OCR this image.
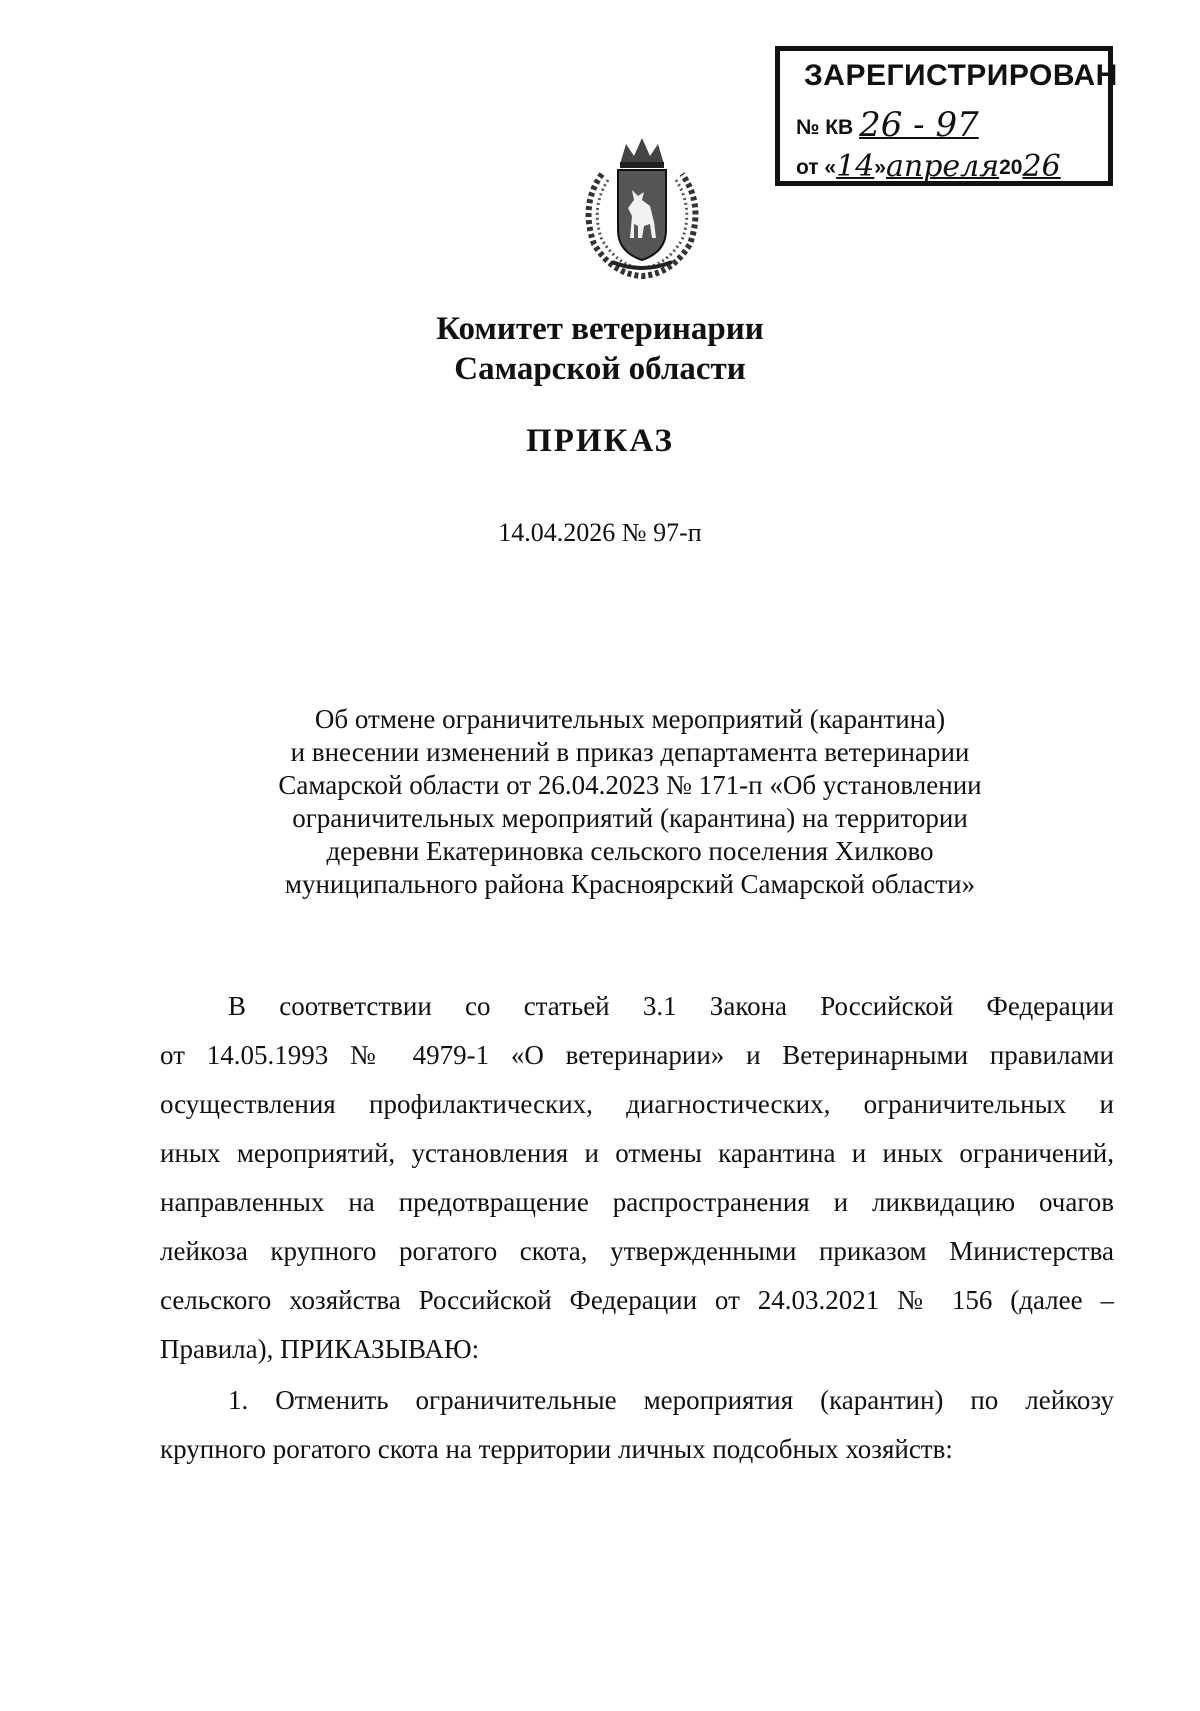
ЗАРЕГИСТРИРОВАН
№ КВ 26 - 97
от «14»апреля2026
Комитет ветеринарии
Самарской области
ПРИКАЗ
14.04.2026 № 97-п
Об отмене ограничительных мероприятий (карантина)
и внесении изменений в приказ департамента ветеринарии
Самарской области от 26.04.2023 № 171-п «Об установлении
ограничительных мероприятий (карантина) на территории
деревни Екатериновка сельского поселения Хилково
муниципального района Красноярский Самарской области»
В соответствии со статьей 3.1 Закона Российской Федерации
от 14.05.1993 № 4979-1 «О ветеринарии» и Ветеринарными правилами
осуществления профилактических, диагностических, ограничительных и
иных мероприятий, установления и отмены карантина и иных ограничений,
направленных на предотвращение распространения и ликвидацию очагов
лейкоза крупного рогатого скота, утвержденными приказом Министерства
сельского хозяйства Российской Федерации от 24.03.2021 № 156 (далее –
Правила), ПРИКАЗЫВАЮ:
1. Отменить ограничительные мероприятия (карантин) по лейкозу
крупного рогатого скота на территории личных подсобных хозяйств:
